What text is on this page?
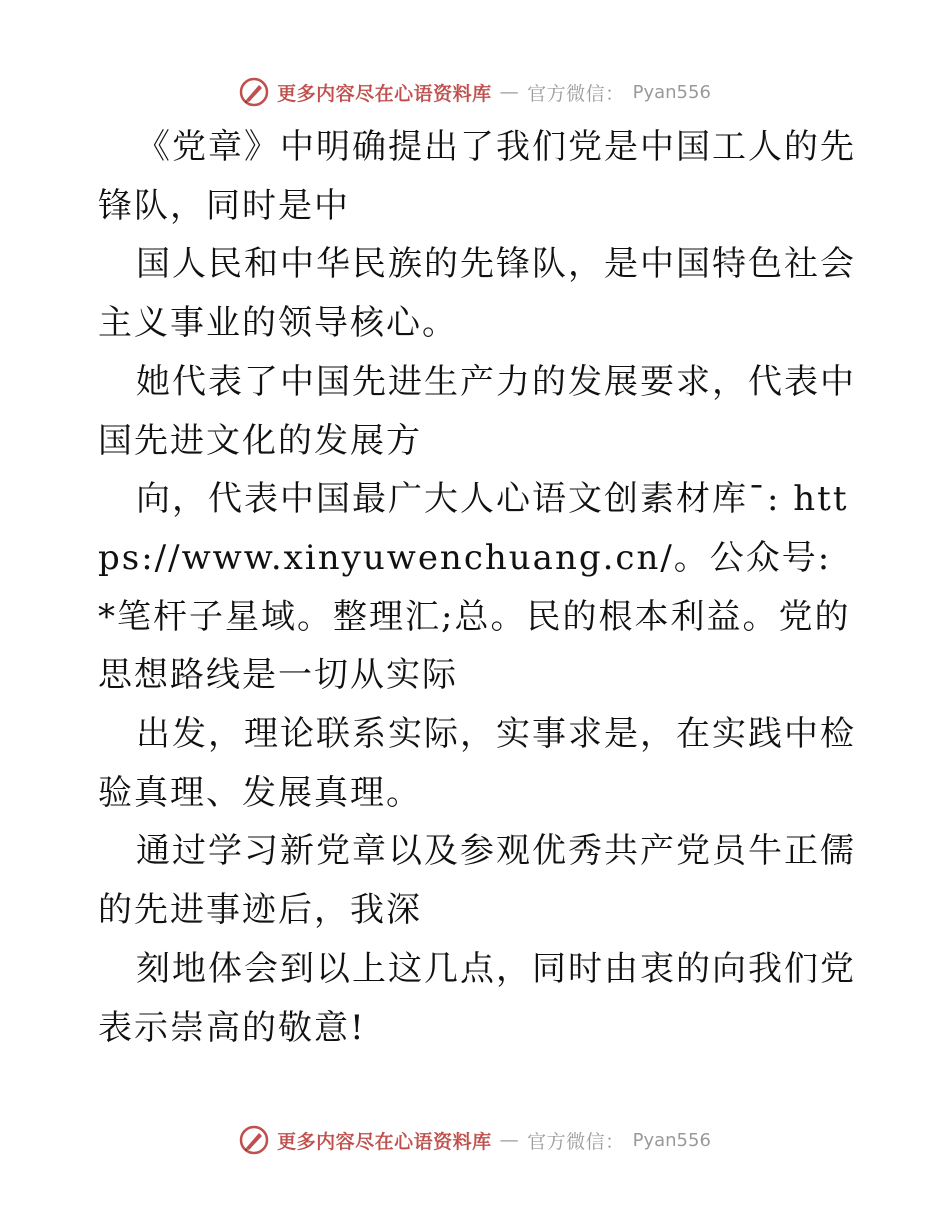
更多内容尽在心语资料库 — 官方微信： Pyan556

《党章》中明确提出了我们党是中国工人的先锋队，同时是中

国人民和中华民族的先锋队，是中国特色社会主义事业的领导核心。

她代表了中国先进生产力的发展要求，代表中国先进文化的发展方

向，代表中国最广大人心语文创素材库¯: https://www.xinyuwenchuang.cn/。公众号: *笔杆子星域。整理汇;总。民的根本利益。党的思想路线是一切从实际

出发，理论联系实际，实事求是，在实践中检验真理、发展真理。

通过学习新党章以及参观优秀共产党员牛正儒的先进事迹后，我深

刻地体会到以上这几点，同时由衷的向我们党表示崇高的敬意!

更多内容尽在心语资料库 — 官方微信： Pyan556
